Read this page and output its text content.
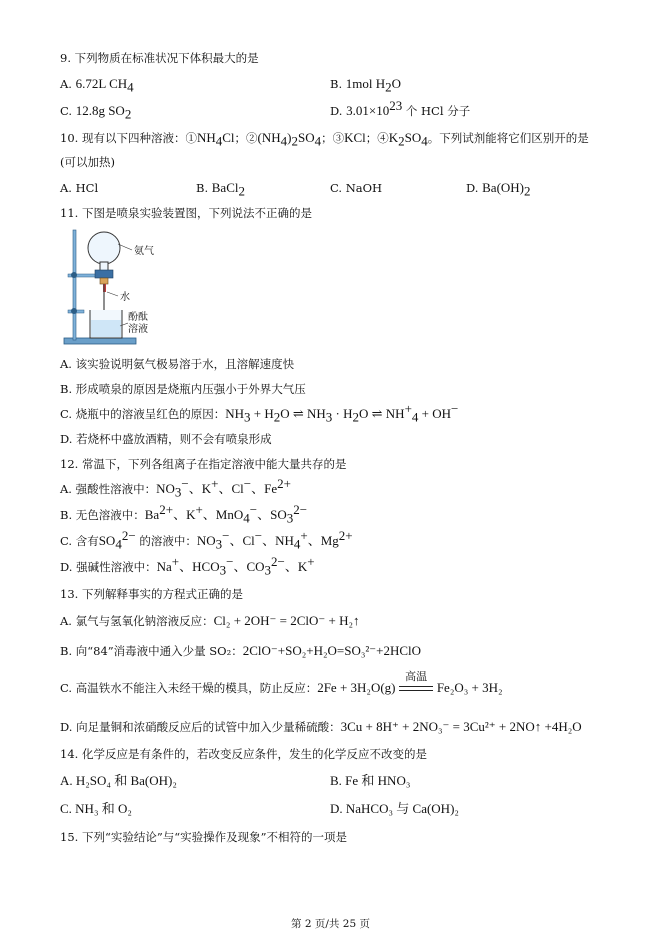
9. 下列物质在标准状况下体积最大的是
A. 6.72L $CH_4$	B. 1mol $H_2O$
C. 12.8g $SO_2$	D. $3.01\times 10^{23}$ 个 HCl 分子
10. 现有以下四种溶液：$①NH_4Cl$；$②(NH_4)_2SO_4$；③KCl；$④K_2SO_4$。下列试剂能将它们区别开的是
(可以加热)
A. HCl	B. BaCl$_2$	C. NaOH	D. $Ba(OH)_2$
11. 下图是喷泉实验装置图，下列说法不正确的是
氨气
水
酚酞
溶液
A. 该实验说明氨气极易溶于水，且溶解速度快
B. 形成喷泉的原因是烧瓶内压强小于外界大气压
C. 烧瓶中的溶液呈红色的原因：$NH_3 + H_2O$ ⇌ $NH_3 \cdot H_2O$ ⇌ $NH^+_4 + OH^-$
D. 若烧杯中盛放酒精，则不会有喷泉形成
12. 常温下，下列各组离子在指定溶液中能大量共存的是
A. 强酸性溶液中：$NO_3^-$、K+、Cl−、$Fe^{2+}$
B. 无色溶液中：$Ba^{2+}$、K+、MnO$_4$−、$SO_3^{2-}$
C. 含有$SO_4^{2-}$ 的溶液中：$NO_3^-$、Cl−、$NH_4^+$、$Mg^{2+}$
D. 强碱性溶液中：Na+、$HCO_3^-$、$CO_3^{2-}$、K+
13. 下列解释事实的方程式正确的是
A. 氯气与氢氧化钠溶液反应：Cl₂ + 2OH⁻ = 2ClO⁻ + H₂↑
B. 向“84”消毒液中通入少量 SO₂：2ClO⁻+SO₂+H₂O=SO₃²⁻+2HClO
C. 高温铁水不能注入未经干燥的模具，防止反应：2Fe + 3H₂O(g)
高温
Fe₂O₃ + 3H₂
D. 向足量铜和浓硝酸反应后的试管中加入少量稀硫酸：3Cu + 8H⁺ + 2NO₃⁻ = 3Cu²⁺ + 2NO↑ +4H₂O
14. 化学反应是有条件的，若改变反应条件，发生的化学反应不改变的是
A. H₂SO₄ 和 Ba(OH)₂	B. Fe 和 HNO₃
C. NH₃ 和 O₂	D. NaHCO₃ 与 Ca(OH)₂
15. 下列“实验结论”与“实验操作及现象”不相符的一项是
第 2 页/共 25 页
